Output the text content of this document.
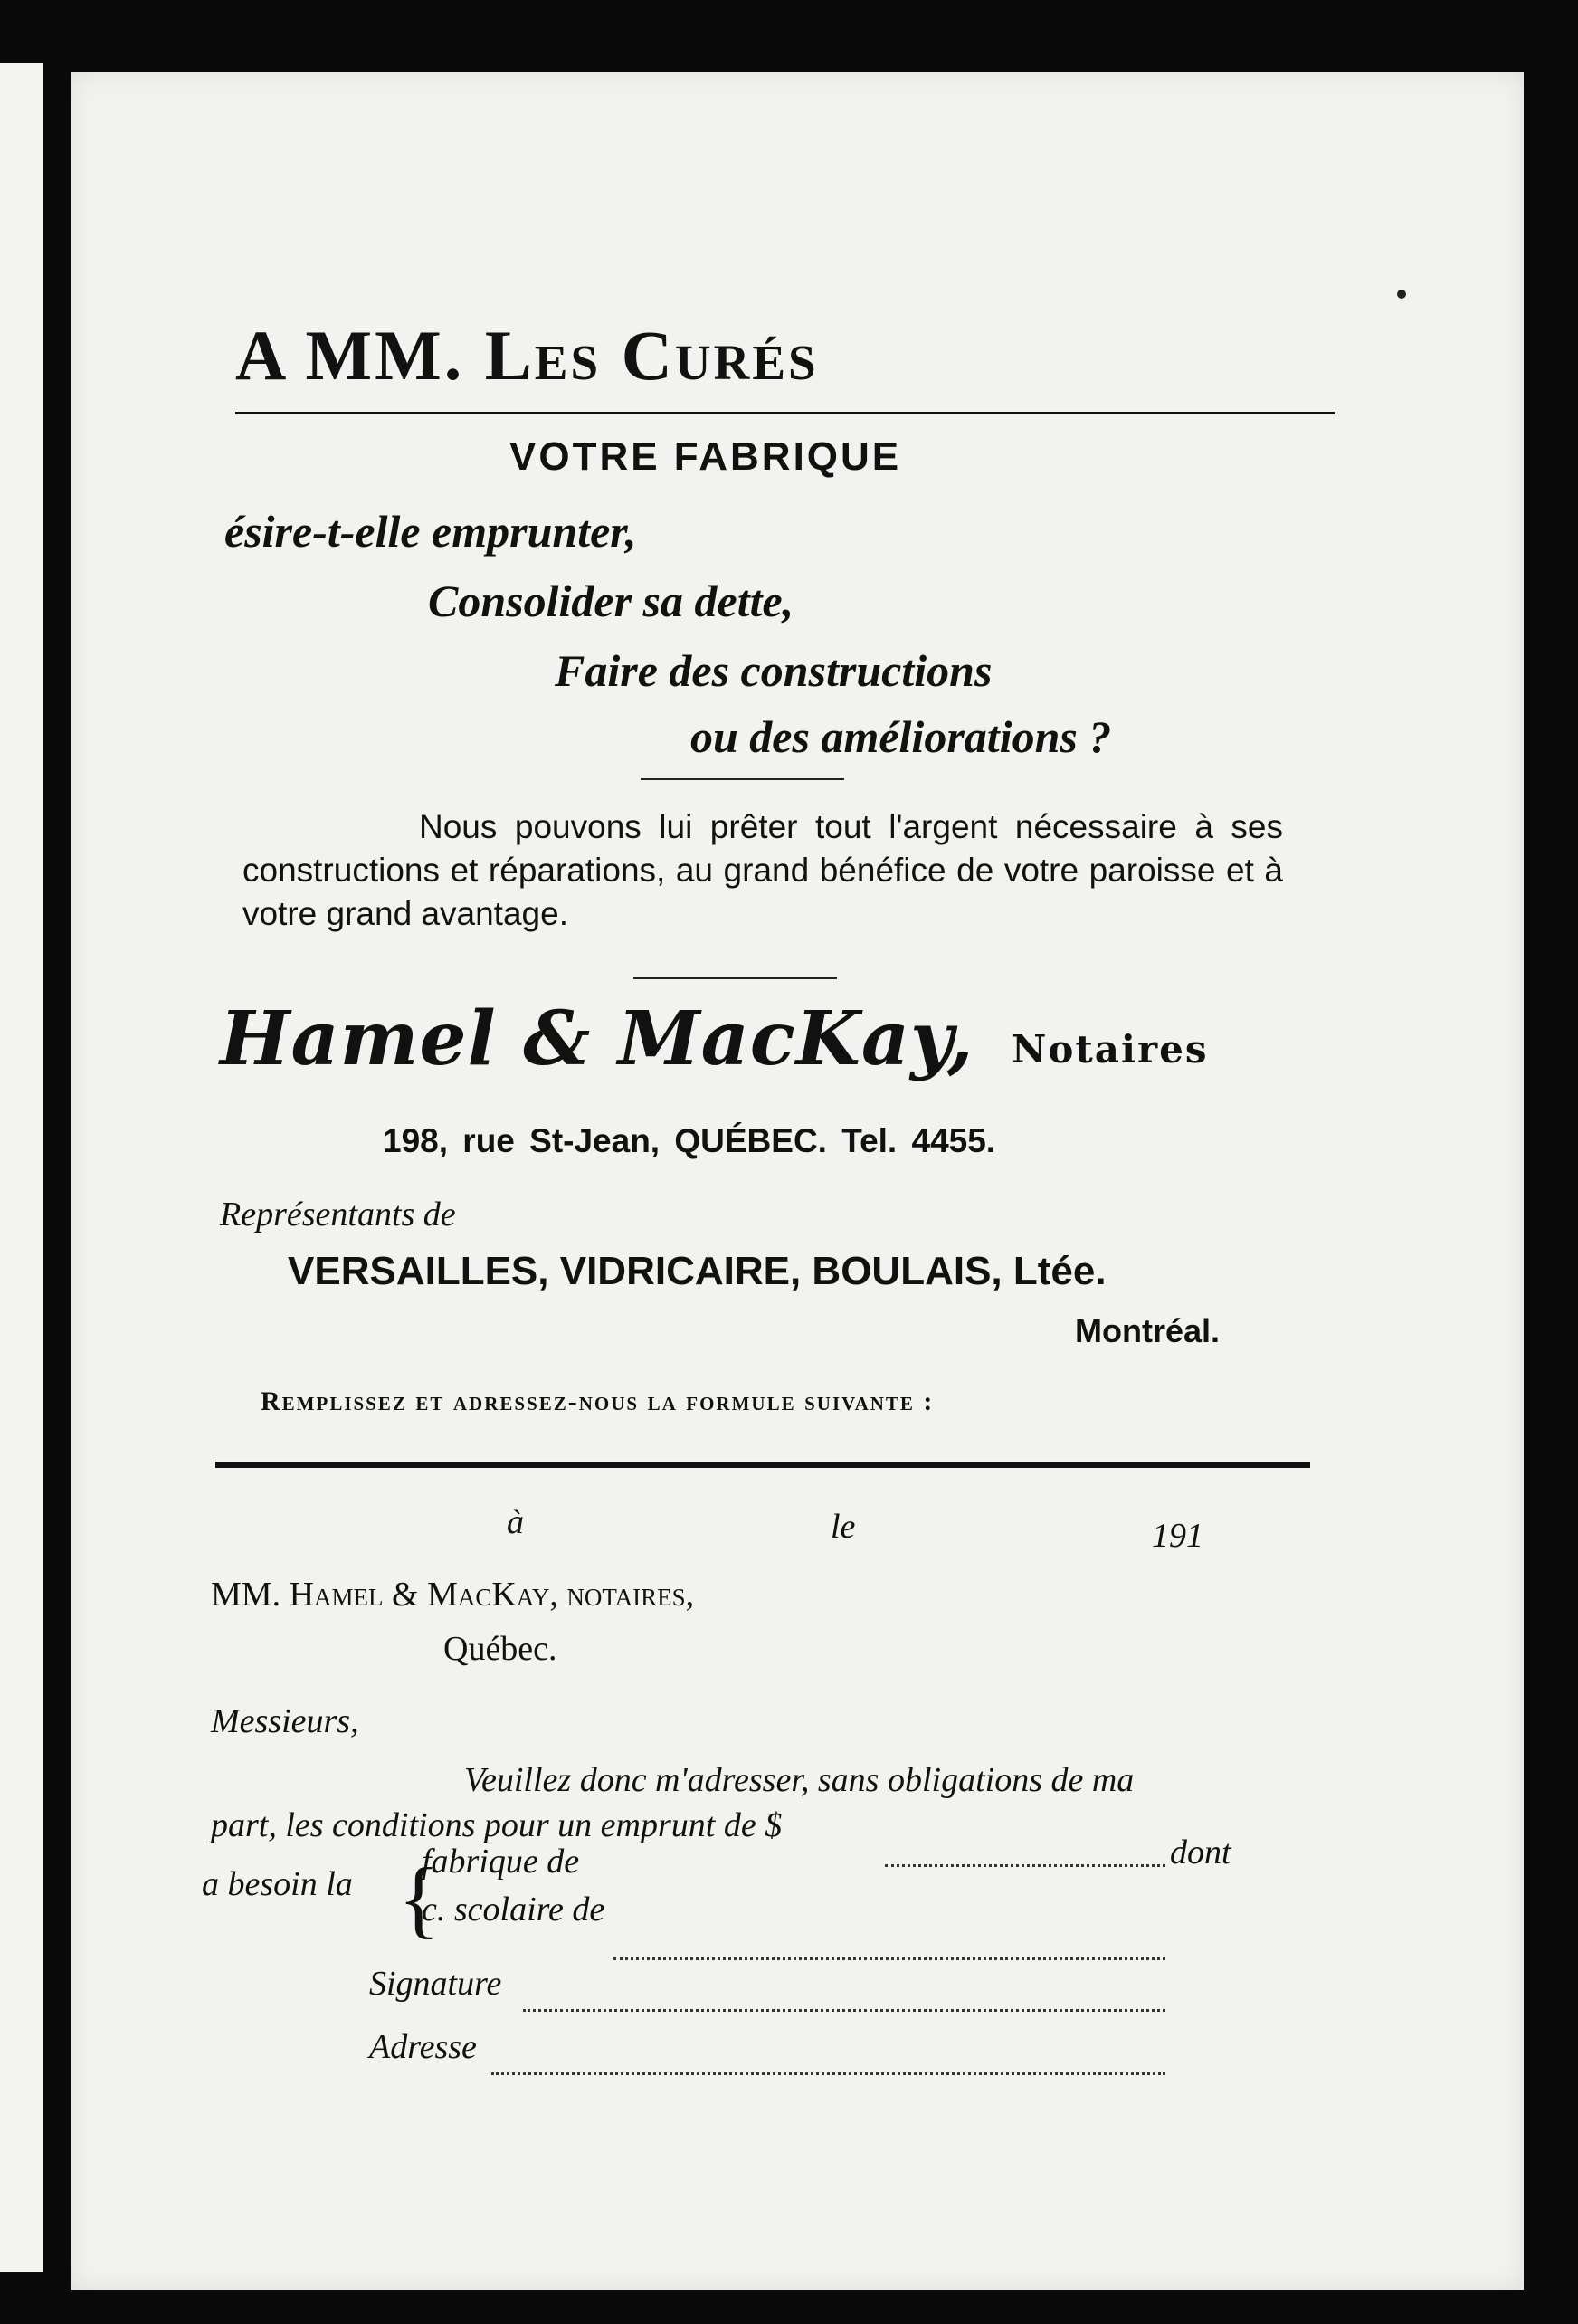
A MM. Les Curés
VOTRE FABRIQUE
ésire-t-elle emprunter,
Consolider sa dette,
Faire des constructions
ou des améliorations ?
Nous pouvons lui prêter tout l'argent nécessaire à ses constructions et réparations, au grand bénéfice de votre paroisse et à votre grand avantage.
Hamel & MacKay, Notaires
198, rue St-Jean, QUÉBEC. Tel. 4455.
Représentants de
VERSAILLES, VIDRICAIRE, BOULAIS, Ltée.
Montréal.
Remplissez et adressez-nous la formule suivante :
à	le	191
MM. Hamel & MacKay, notaires,
Québec.
Messieurs,
Veuillez donc m'adresser, sans obligations de ma
part, les conditions pour un emprunt de $
dont
a besoin la {
fabrique de
c. scolaire de
Signature
Adresse
